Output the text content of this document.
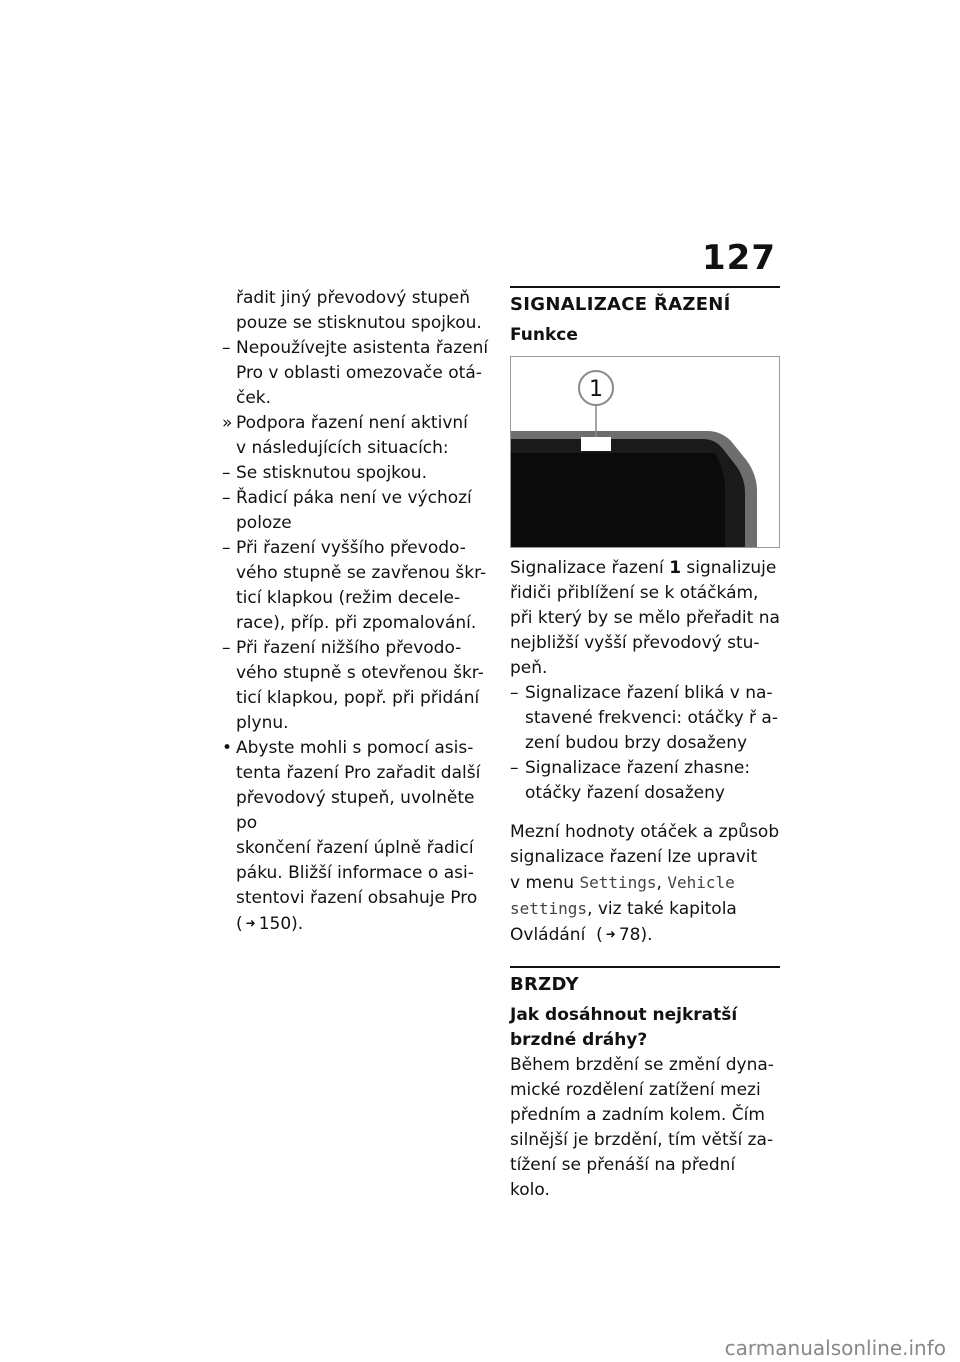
127

řadit jiný převodový stupeň

pouze se stisknutou spojkou.

– Nepoužívejte asistenta řazení
Pro v oblasti omezovače otá-
ček.
» Podpora řazení není aktivní
v následujících situacích:
– Se stisknutou spojkou.
– Řadicí páka není ve výchozí
poloze
– Při řazení vyššího převodo-
vého stupně se zavřenou škr-
ticí klapkou (režim decele-
race), příp. při zpomalování.
– Při řazení nižšího převodo-
vého stupně s otevřenou škr-
ticí klapkou, popř. při přidání
plynu.
• Abyste mohli s pomocí asis-
tenta řazení Pro zařadit další
převodový stupeň, uvolněte po
skončení řazení úplně řadicí
páku. Bližší informace o asi-
stentovi řazení obsahuje Pro
( ➜ 150).
SIGNALIZACE ŘAZENÍ

Funkce

1

Signalizace řazení 1 signalizuje
řidiči přiblížení se k otáčkám,
při který by se mělo přeřadit na
nejbližší vyšší převodový stu-
peň.

– Signalizace řazení bliká v na-
stavené frekvenci: otáčky ř a-
zení budou brzy dosaženy
– Signalizace řazení zhasne:
otáčky řazení dosaženy

Mezní hodnoty otáček a způsob
signalizace řazení lze upravit
v menu Settings, Vehicle
settings, viz také kapitola
Ovládání ( ➜ 78).

BRZDY

Jak dosáhnout nejkratší
brzdné dráhy?

Během brzdění se změní dyna-
mické rozdělení zatížení mezi
předním a zadním kolem. Čím
silnější je brzdění, tím větší za-
tížení se přenáší na přední kolo.

carmanualsonline.info
